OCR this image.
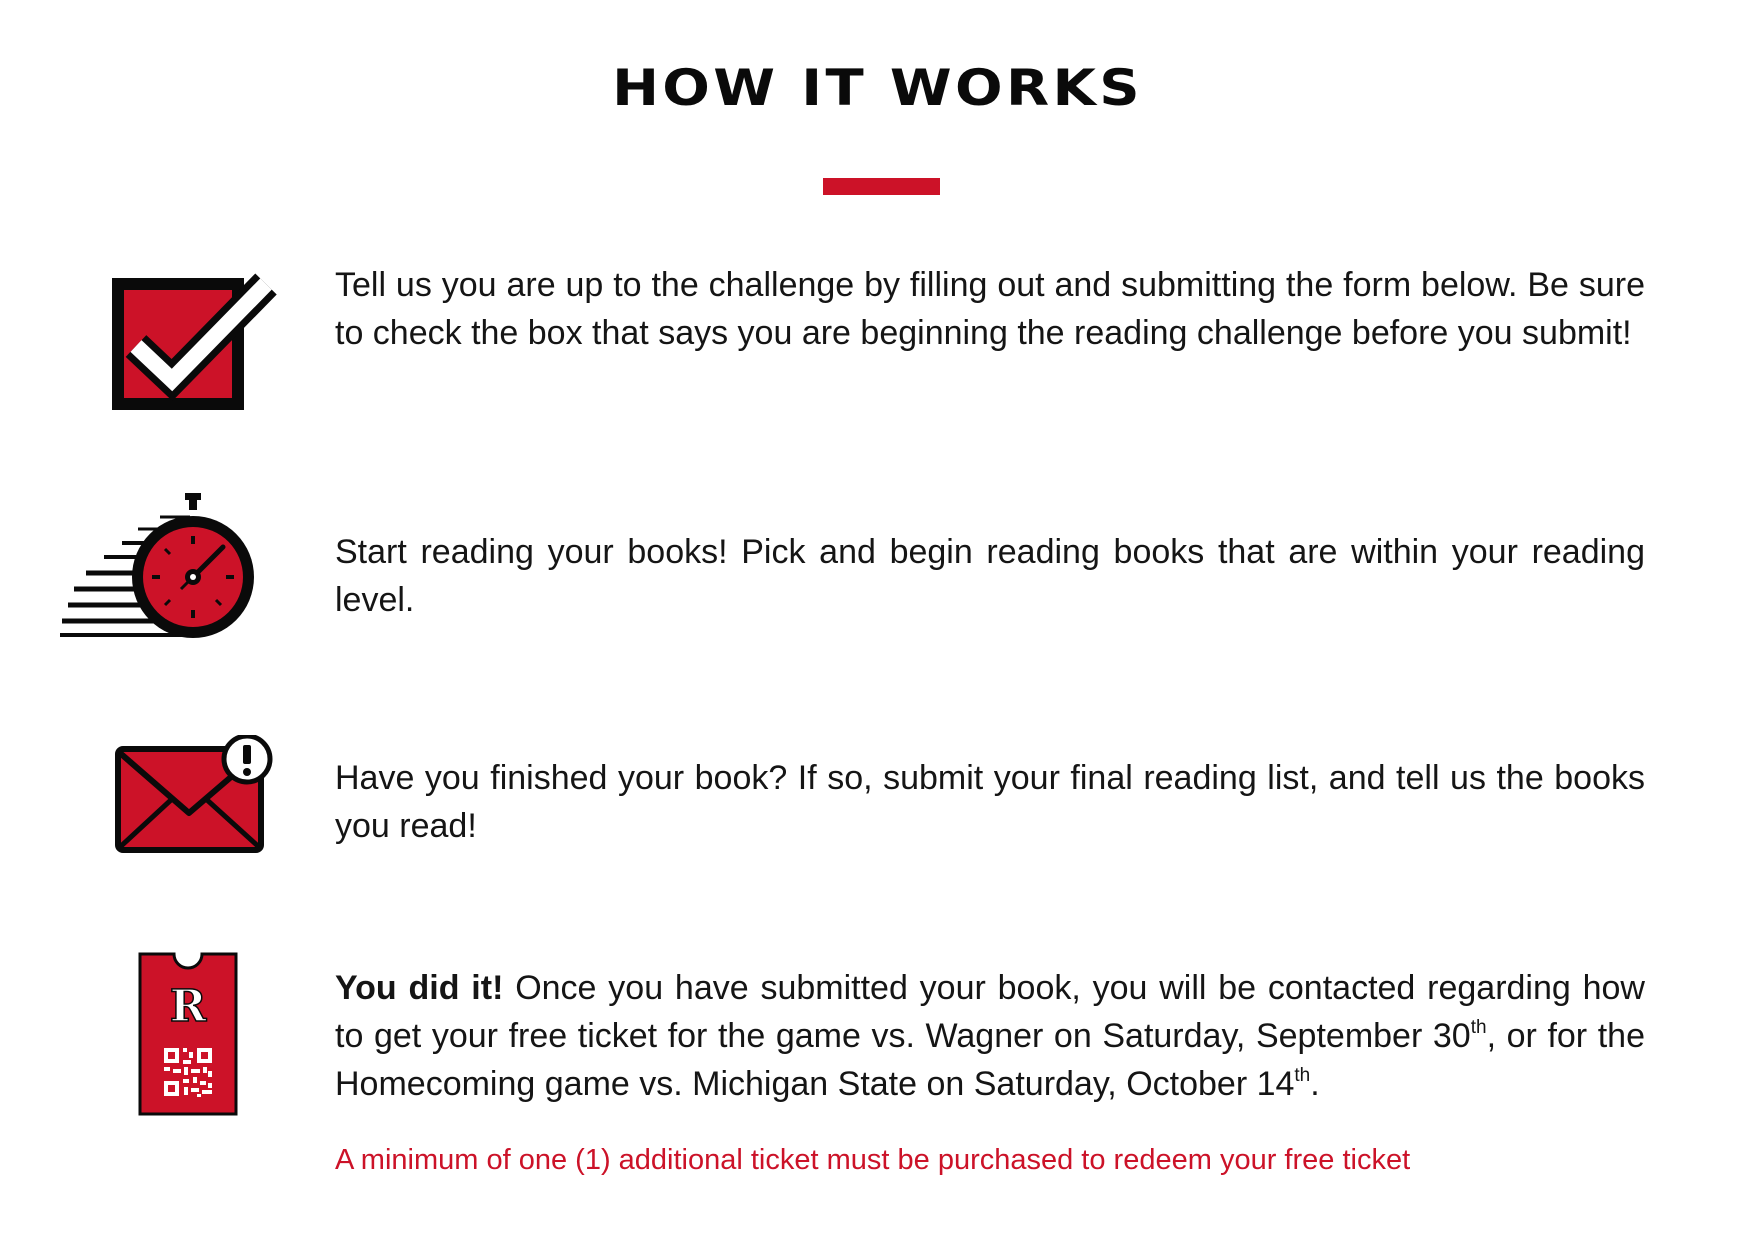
HOW IT WORKS

Tell us you are up to the challenge by filling out and submitting the form below. Be sure to check the box that says you are beginning the reading challenge before you submit!

Start reading your books! Pick and begin reading books that are within your reading level.

Have you finished your book? If so, submit your final reading list, and tell us the books you read!

R	You did it! Once you have submitted your book, you will be contacted regarding how to get your free ticket for the game vs. Wagner on Saturday, September 30th, or for the Homecoming game vs. Michigan State on Saturday, October 14th.

A minimum of one (1) additional ticket must be purchased to redeem your free ticket
